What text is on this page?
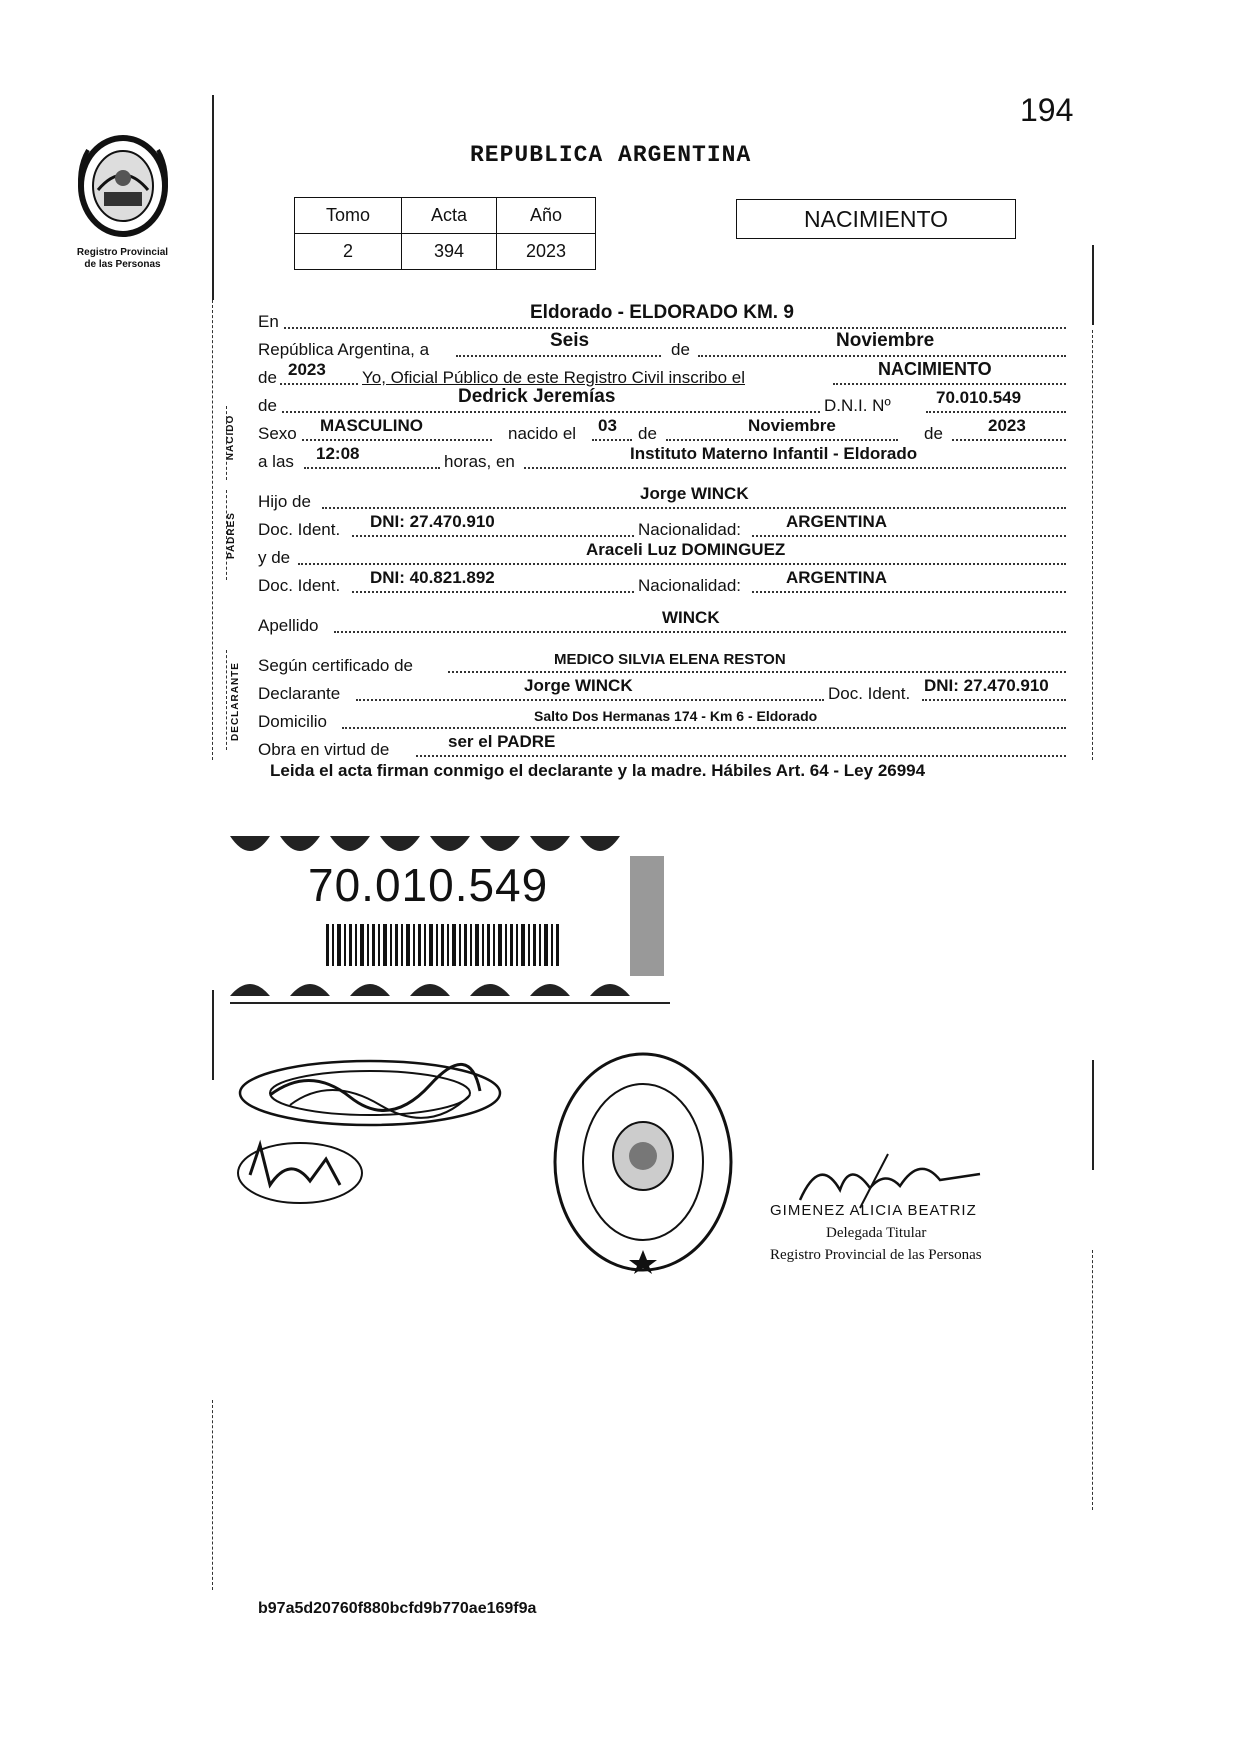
194
Registro Provincial
de las Personas
REPUBLICA ARGENTINA
Tomo	Acta	Año
2	394	2023
NACIMIENTO
NACIDO
PADRES
DECLARANTE
En	Eldorado - ELDORADO KM. 9
República Argentina, a	Seis	de	Noviembre
de 2023 Yo, Oficial Público de este Registro Civil inscribo el	NACIMIENTO
de	Dedrick Jeremías	D.N.I. Nº	70.010.549
Sexo MASCULINO	nacido el 03 de	Noviembre	de	2023
a las 12:08	horas, en	Instituto Materno Infantil - Eldorado
Hijo de	Jorge WINCK
Doc. Ident. DNI: 27.470.910	Nacionalidad:	ARGENTINA
y de	Araceli Luz DOMINGUEZ
Doc. Ident. DNI: 40.821.892	Nacionalidad:	ARGENTINA
Apellido	WINCK
Según certificado de	MEDICO SILVIA ELENA RESTON
Declarante	Jorge WINCK	Doc. Ident. DNI: 27.470.910
Domicilio	Salto Dos Hermanas 174 - Km 6 - Eldorado
Obra en virtud de	ser el PADRE
Leida el acta firman conmigo el declarante y la madre. Hábiles Art. 64 - Ley 26994
70.010.549
GIMENEZ ALICIA BEATRIZ
Delegada Titular
Registro Provincial de las Personas
b97a5d20760f880bcfd9b770ae169f9a
